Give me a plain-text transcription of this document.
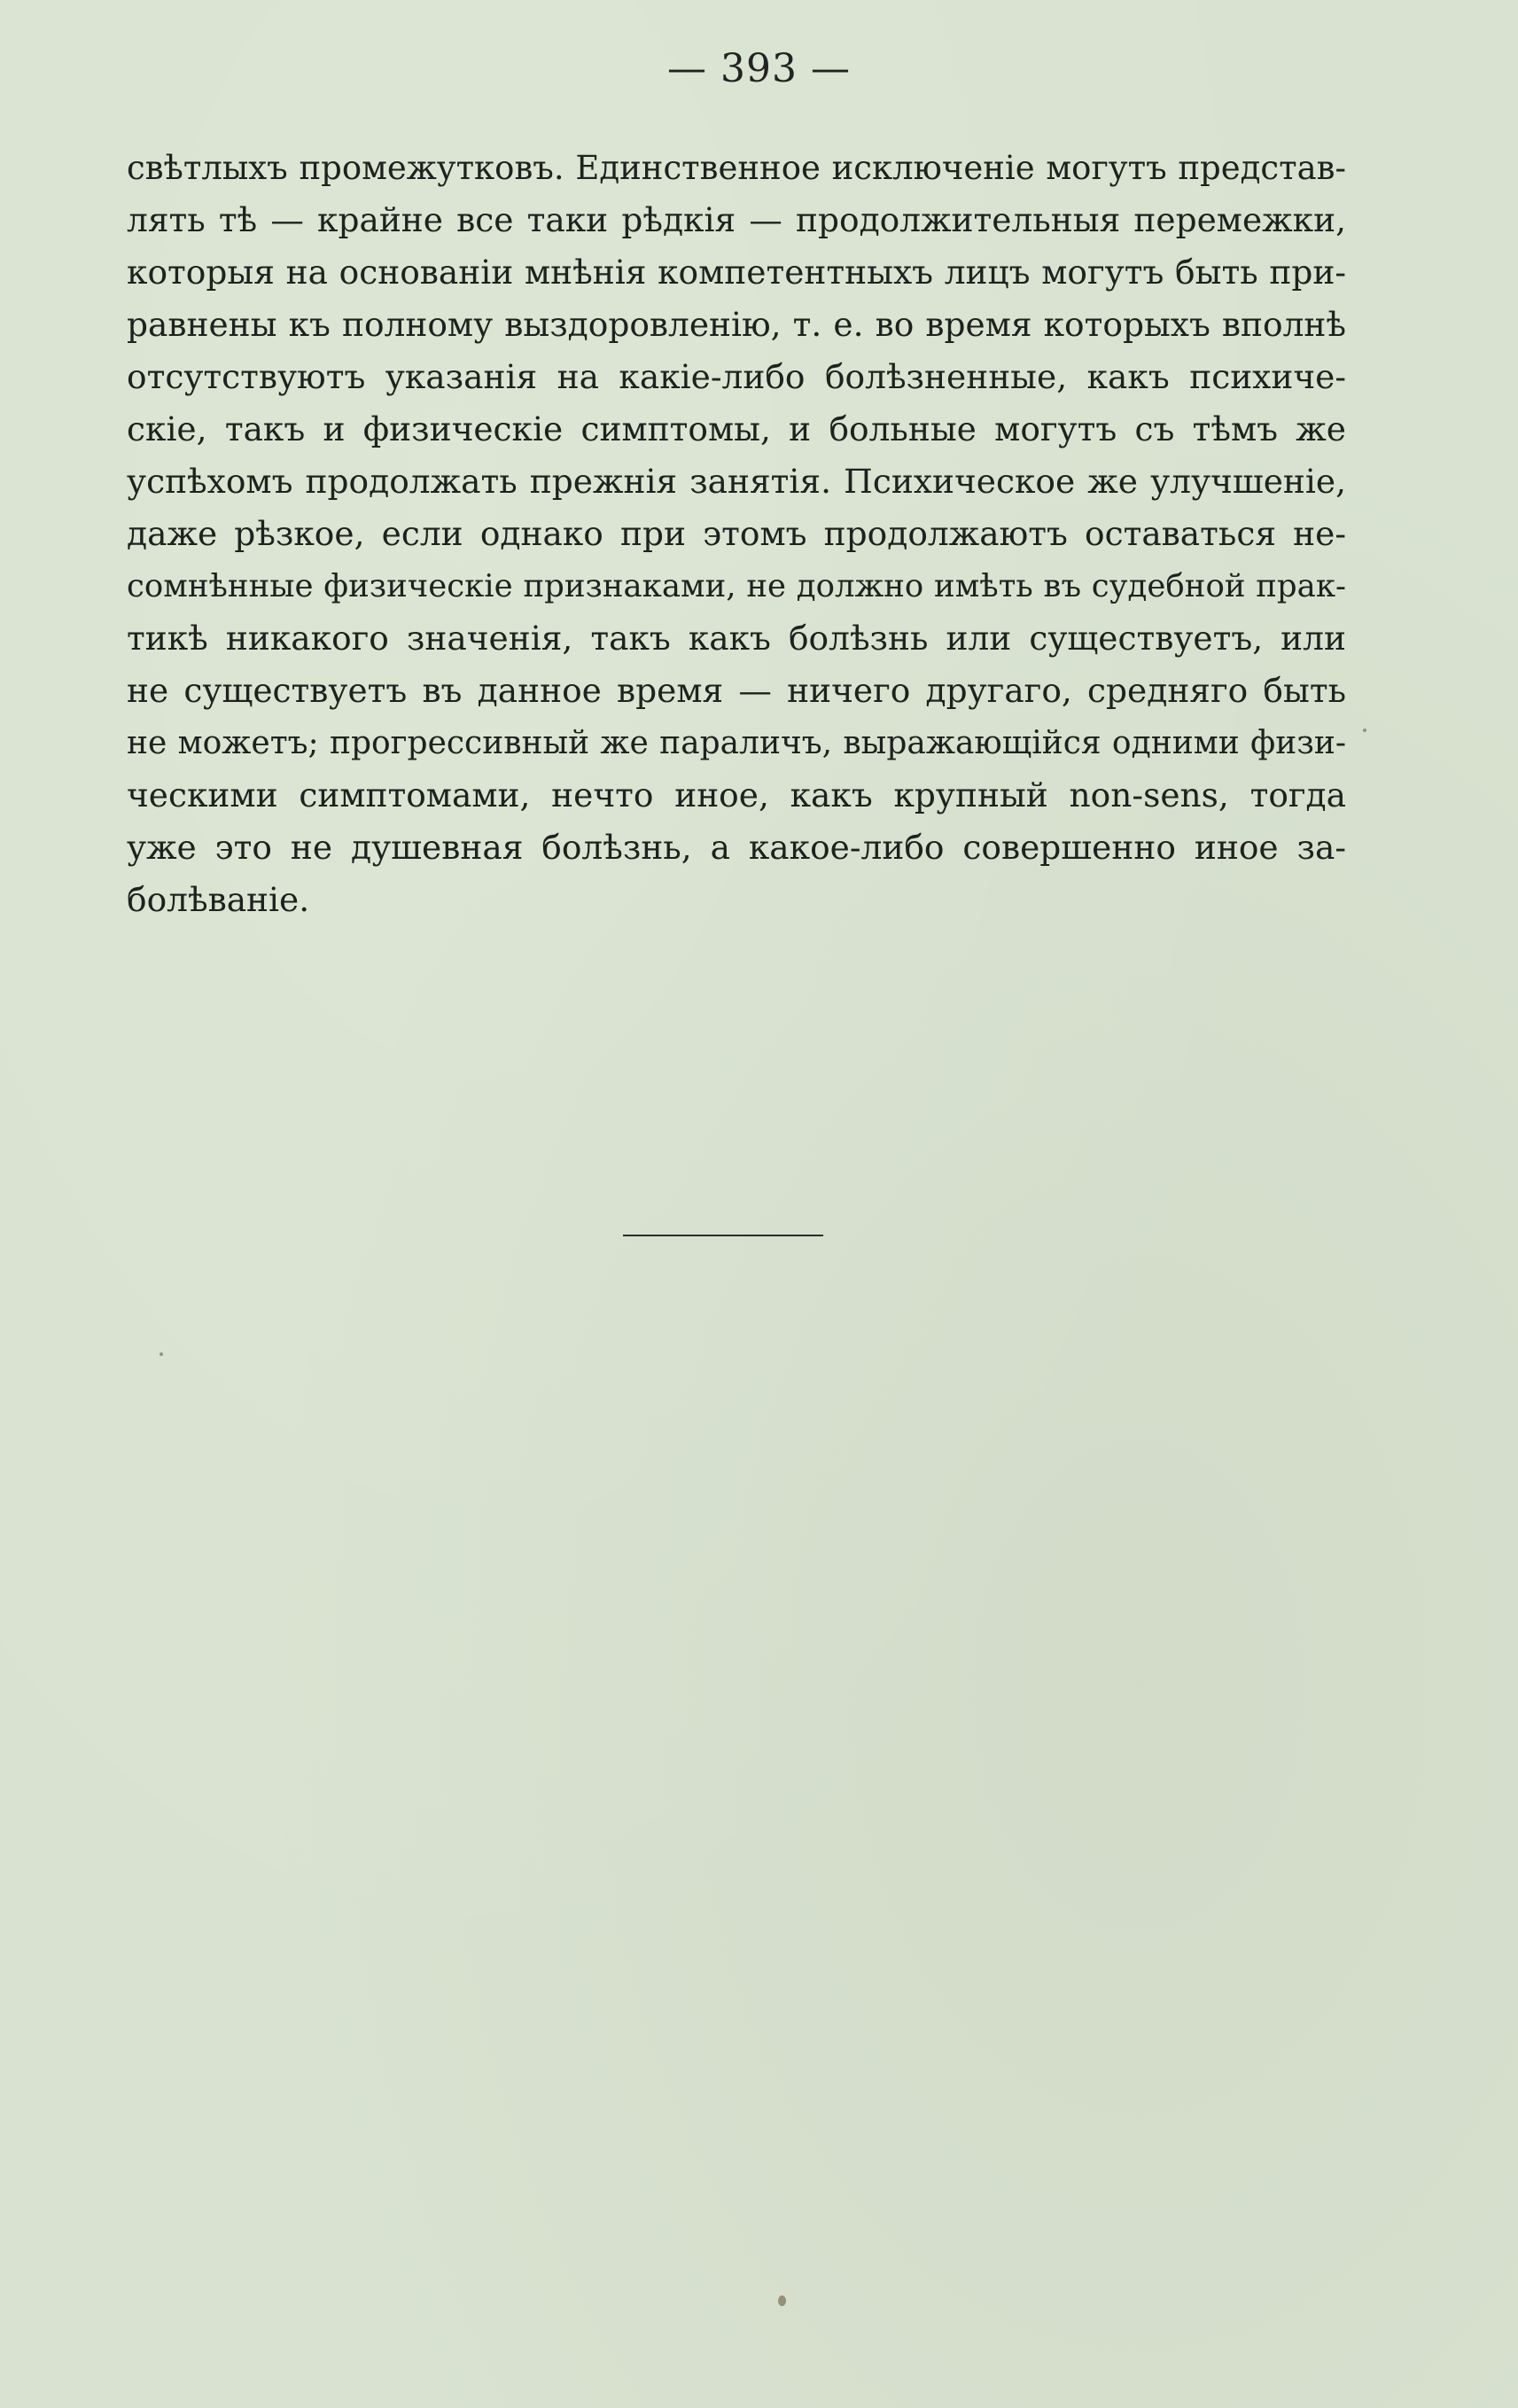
— 393 —
свѣтлыхъ промежутковъ. Единственное исключенiе могутъ представ-
лять тѣ — крайне все таки рѣдкiя — продолжительныя перемежки,
которыя на основанiи мнѣнiя компетентныхъ лицъ могутъ быть при-
равнены къ полному выздоровленiю, т. е. во время которыхъ вполнѣ
отсутствуютъ указанiя на какiе-либо болѣзненные, какъ психиче-
скiе, такъ и физическiе симптомы, и больные могутъ съ тѣмъ же
успѣхомъ продолжать прежнiя занятiя. Психическое же улучшенiе,
даже рѣзкое, если однако при этомъ продолжаютъ оставаться не-
сомнѣнные физическiе признаками, не должно имѣть въ судебной прак-
тикѣ никакого значенiя, такъ какъ болѣзнь или существуетъ, или
не существуетъ въ данное время — ничего другаго, средняго быть
не можетъ; прогрессивный же параличъ, выражающiйся одними физи-
ческими симптомами, нечто иное, какъ крупный non-sens, тогда
уже это не душевная болѣзнь, а какое-либо совершенно иное за-
болѣванiе.
